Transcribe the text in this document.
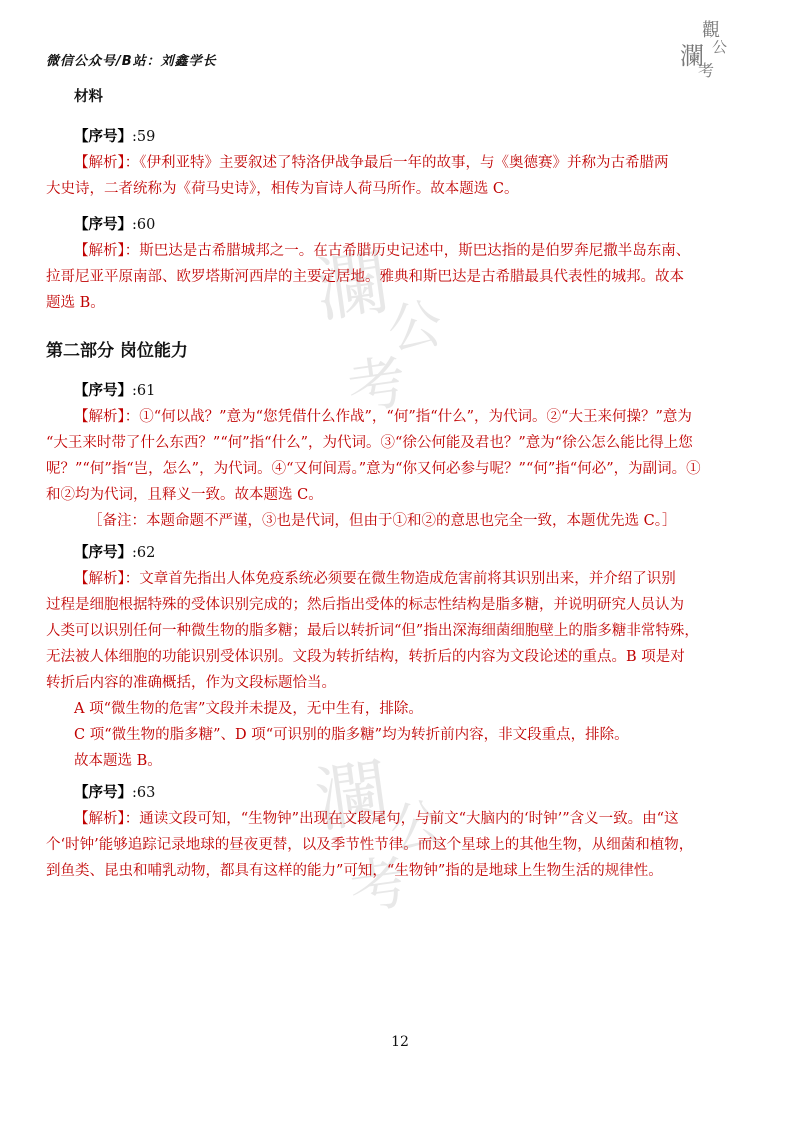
瀾
公
考
瀾
公
考
微信公众号/B站：刘鑫学长
觀
瀾 公
考
材料
【序号】:59
【解析】：《伊利亚特》主要叙述了特洛伊战争最后一年的故事，与《奥德赛》并称为古希腊两
大史诗，二者统称为《荷马史诗》，相传为盲诗人荷马所作。故本题选 C。
【序号】:60
【解析】：斯巴达是古希腊城邦之一。在古希腊历史记述中，斯巴达指的是伯罗奔尼撒半岛东南、
拉哥尼亚平原南部、欧罗塔斯河西岸的主要定居地。雅典和斯巴达是古希腊最具代表性的城邦。故本
题选 B。
第二部分 岗位能力
【序号】:61
【解析】：①“何以战？”意为“您凭借什么作战”，“何”指“什么”，为代词。②“大王来何操？”意为
“大王来时带了什么东西？”“何”指“什么”，为代词。③“徐公何能及君也？”意为“徐公怎么能比得上您
呢？”“何”指“岂，怎么”，为代词。④“又何间焉。”意为“你又何必参与呢？”“何”指“何必”，为副词。①
和②均为代词，且释义一致。故本题选 C。
［备注：本题命题不严谨，③也是代词，但由于①和②的意思也完全一致，本题优先选 C。］
【序号】:62
【解析】：文章首先指出人体免疫系统必须要在微生物造成危害前将其识别出来，并介绍了识别
过程是细胞根据特殊的受体识别完成的；然后指出受体的标志性结构是脂多糖，并说明研究人员认为
人类可以识别任何一种微生物的脂多糖；最后以转折词“但”指出深海细菌细胞壁上的脂多糖非常特殊，
无法被人体细胞的功能识别受体识别。文段为转折结构，转折后的内容为文段论述的重点。B 项是对
转折后内容的准确概括，作为文段标题恰当。
A 项“微生物的危害”文段并未提及，无中生有，排除。
C 项“微生物的脂多糖”、D 项“可识别的脂多糖”均为转折前内容，非文段重点，排除。
故本题选 B。
【序号】:63
【解析】：通读文段可知，“生物钟”出现在文段尾句，与前文“大脑内的‘时钟’”含义一致。由“这
个‘时钟’能够追踪记录地球的昼夜更替，以及季节性节律。而这个星球上的其他生物，从细菌和植物，
到鱼类、昆虫和哺乳动物，都具有这样的能力”可知，“生物钟”指的是地球上生物生活的规律性。
12
